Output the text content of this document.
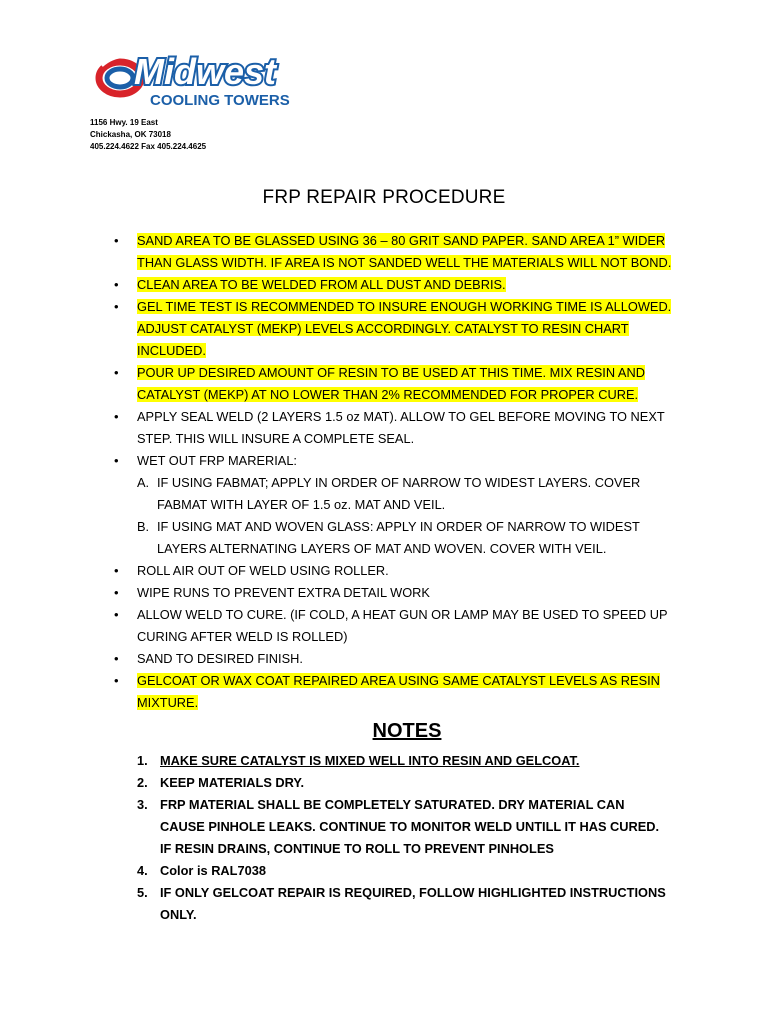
Midwest
COOLING TOWERS
1156 Hwy. 19 East
Chickasha, OK 73018
405.224.4622 Fax 405.224.4625
FRP REPAIR PROCEDURE
• SAND AREA TO BE GLASSED USING 36 – 80 GRIT SAND PAPER. SAND AREA 1” WIDER THAN GLASS WIDTH. IF AREA IS NOT SANDED WELL THE MATERIALS WILL NOT BOND.
• CLEAN AREA TO BE WELDED FROM ALL DUST AND DEBRIS.
• GEL TIME TEST IS RECOMMENDED TO INSURE ENOUGH WORKING TIME IS ALLOWED. ADJUST CATALYST (MEKP) LEVELS ACCORDINGLY. CATALYST TO RESIN CHART INCLUDED.
• POUR UP DESIRED AMOUNT OF RESIN TO BE USED AT THIS TIME. MIX RESIN AND CATALYST (MEKP) AT NO LOWER THAN 2% RECOMMENDED FOR PROPER CURE.
• APPLY SEAL WELD (2 LAYERS 1.5 oz MAT). ALLOW TO GEL BEFORE MOVING TO NEXT STEP. THIS WILL INSURE A COMPLETE SEAL.
• WET OUT FRP MARERIAL:
A. IF USING FABMAT; APPLY IN ORDER OF NARROW TO WIDEST LAYERS. COVER FABMAT WITH LAYER OF 1.5 oz. MAT AND VEIL.
B. IF USING MAT AND WOVEN GLASS: APPLY IN ORDER OF NARROW TO WIDEST LAYERS ALTERNATING LAYERS OF MAT AND WOVEN. COVER WITH VEIL.
• ROLL AIR OUT OF WELD USING ROLLER.
• WIPE RUNS TO PREVENT EXTRA DETAIL WORK
• ALLOW WELD TO CURE. (IF COLD, A HEAT GUN OR LAMP MAY BE USED TO SPEED UP CURING AFTER WELD IS ROLLED)
• SAND TO DESIRED FINISH.
• GELCOAT OR WAX COAT REPAIRED AREA USING SAME CATALYST LEVELS AS RESIN MIXTURE.
NOTES
1. MAKE SURE CATALYST IS MIXED WELL INTO RESIN AND GELCOAT.
2. KEEP MATERIALS DRY.
3. FRP MATERIAL SHALL BE COMPLETELY SATURATED. DRY MATERIAL CAN CAUSE PINHOLE LEAKS. CONTINUE TO MONITOR WELD UNTILL IT HAS CURED. IF RESIN DRAINS, CONTINUE TO ROLL TO PREVENT PINHOLES
4. Color is RAL7038
5. IF ONLY GELCOAT REPAIR IS REQUIRED, FOLLOW HIGHLIGHTED INSTRUCTIONS ONLY.
